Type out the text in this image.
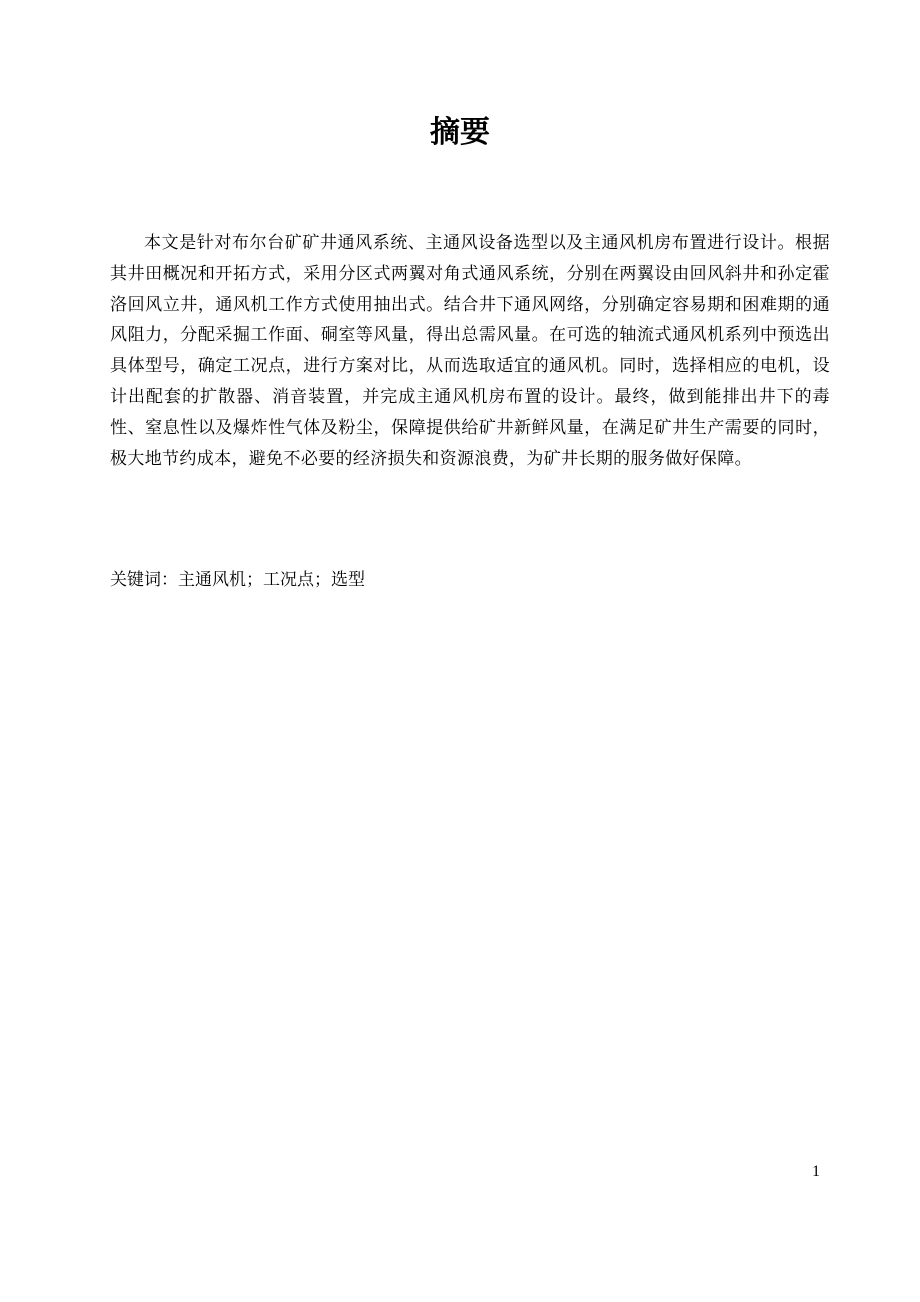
摘要

本文是针对布尔台矿矿井通风系统、主通风设备选型以及主通风机房布置进行设计。根据其井田概况和开拓方式，采用分区式两翼对角式通风系统，分别在两翼设由回风斜井和孙定霍洛回风立井，通风机工作方式使用抽出式。结合井下通风网络，分别确定容易期和困难期的通风阻力，分配采掘工作面、硐室等风量，得出总需风量。在可选的轴流式通风机系列中预选出具体型号，确定工况点，进行方案对比，从而选取适宜的通风机。同时，选择相应的电机，设计出配套的扩散器、消音装置，并完成主通风机房布置的设计。最终，做到能排出井下的毒性、窒息性以及爆炸性气体及粉尘，保障提供给矿井新鲜风量，在满足矿井生产需要的同时，极大地节约成本，避免不必要的经济损失和资源浪费，为矿井长期的服务做好保障。

关键词：主通风机；工况点；选型

1
